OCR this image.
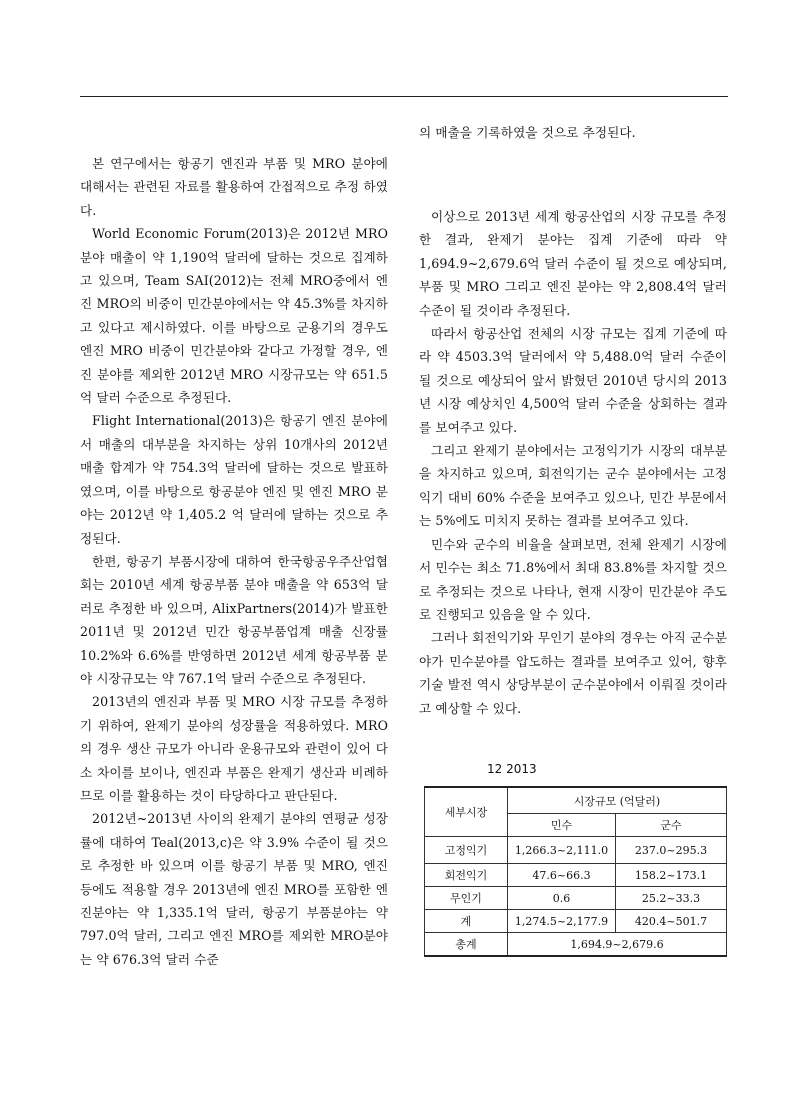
본 연구에서는 항공기 엔진과 부품 및 MRO 분야에 대해서는 관련된 자료를 활용하여 간접적으로 추정 하였다.

World Economic Forum(2013)은 2012년 MRO 분야 매출이 약 1,190억 달러에 달하는 것으로 집계하고 있으며, Team SAI(2012)는 전체 MRO중에서 엔진 MRO의 비중이 민간분야에서는 약 45.3%를 차지하고 있다고 제시하였다. 이를 바탕으로 군용기의 경우도 엔진 MRO 비중이 민간분야와 같다고 가정할 경우, 엔진 분야를 제외한 2012년 MRO 시장규모는 약 651.5억 달러 수준으로 추정된다.

Flight International(2013)은 항공기 엔진 분야에서 매출의 대부분을 차지하는 상위 10개사의 2012년 매출 합계가 약 754.3억 달러에 달하는 것으로 발표하였으며, 이를 바탕으로 항공분야 엔진 및 엔진 MRO 분야는 2012년 약 1,405.2 억 달러에 달하는 것으로 추정된다.

한편, 항공기 부품시장에 대하여 한국항공우주산업협회는 2010년 세계 항공부품 분야 매출을 약 653억 달러로 추정한 바 있으며, AlixPartners(2014)가 발표한 2011년 및 2012년 민간 항공부품업계 매출 신장률 10.2%와 6.6%를 반영하면 2012년 세계 항공부품 분야 시장규모는 약 767.1억 달러 수준으로 추정된다.

2013년의 엔진과 부품 및 MRO 시장 규모를 추정하기 위하여, 완제기 분야의 성장률을 적용하였다. MRO의 경우 생산 규모가 아니라 운용규모와 관련이 있어 다소 차이를 보이나, 엔진과 부품은 완제기 생산과 비례하므로 이를 활용하는 것이 타당하다고 판단된다.

2012년~2013년 사이의 완제기 분야의 연평균 성장률에 대하여 Teal(2013,c)은 약 3.9% 수준이 될 것으로 추정한 바 있으며 이를 항공기 부품 및 MRO, 엔진 등에도 적용할 경우 2013년에 엔진 MRO를 포함한 엔진분야는 약 1,335.1억 달러, 항공기 부품분야는 약 797.0억 달러, 그리고 엔진 MRO를 제외한 MRO분야는 약 676.3억 달러 수준

의 매출을 기록하였을 것으로 추정된다.

이상으로 2013년 세계 항공산업의 시장 규모를 추정한 결과, 완제기 분야는 집계 기준에 따라 약 1,694.9~2,679.6억 달러 수준이 될 것으로 예상되며, 부품 및 MRO 그리고 엔진 분야는 약 2,808.4억 달러 수준이 될 것이라 추정된다.

따라서 항공산업 전체의 시장 규모는 집계 기준에 따라 약 4503.3억 달러에서 약 5,488.0억 달러 수준이 될 것으로 예상되어 앞서 밝혔던 2010년 당시의 2013년 시장 예상치인 4,500억 달러 수준을 상회하는 결과를 보여주고 있다.

그리고 완제기 분야에서는 고정익기가 시장의 대부분을 차지하고 있으며, 회전익기는 군수 분야에서는 고정익기 대비 60% 수준을 보여주고 있으나, 민간 부문에서는 5%에도 미치지 못하는 결과를 보여주고 있다.

민수와 군수의 비율을 살펴보면, 전체 완제기 시장에서 민수는 최소 71.8%에서 최대 83.8%를 차지할 것으로 추정되는 것으로 나타나, 현재 시장이 민간분야 주도로 진행되고 있음을 알 수 있다.

그러나 회전익기와 무인기 분야의 경우는 아직 군수분야가 민수분야를 압도하는 결과를 보여주고 있어, 향후 기술 발전 역시 상당부분이 군수분야에서 이뤄질 것이라고 예상할 수 있다.

12 2013
세부시장	시장규모 (억달러)	
	민수	군수
고정익기	1,266.3~2,111.0	237.0~295.3
회전익기	47.6~66.3	158.2~173.1
무인기	0.6	25.2~33.3
계	1,274.5~2,177.9	420.4~501.7
총계	1,694.9~2,679.6	
